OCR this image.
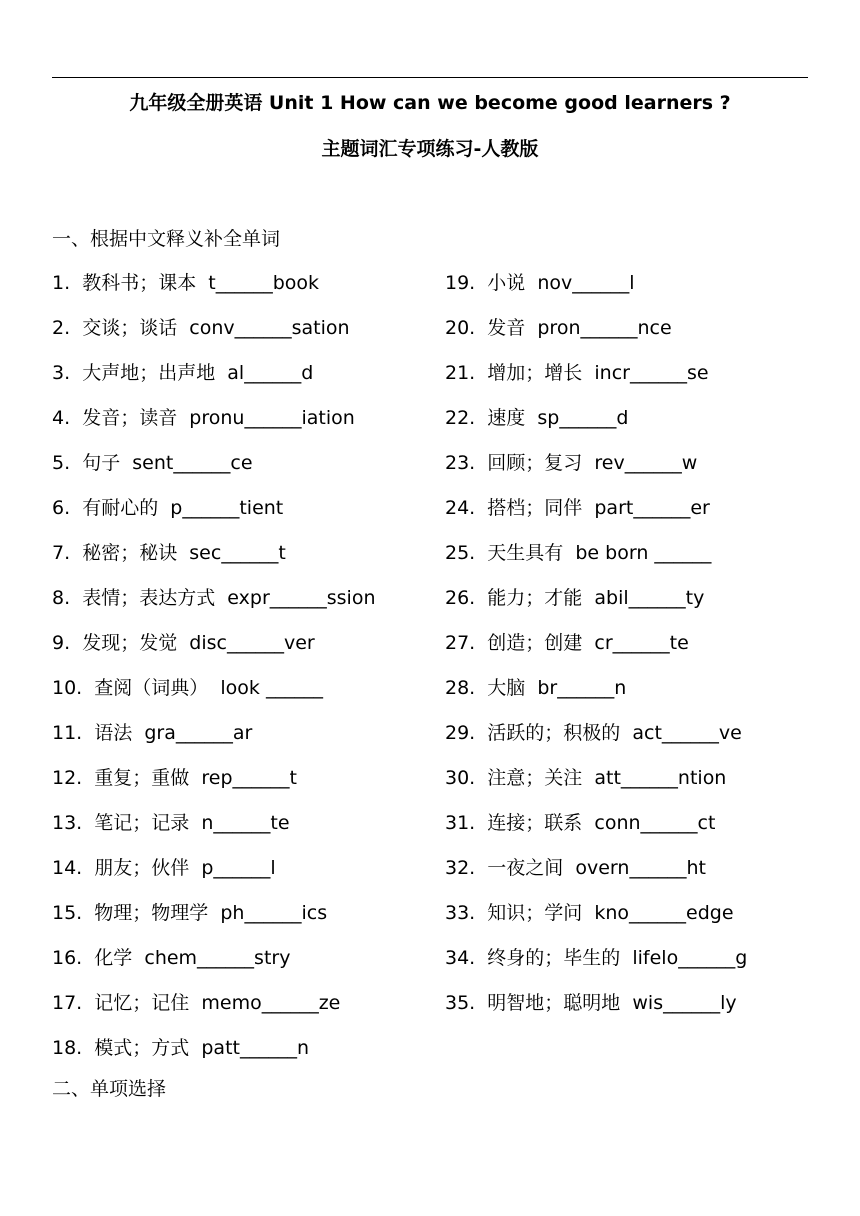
九年级全册英语 Unit 1 How can we become good learners ?
主题词汇专项练习-人教版
一、根据中文释义补全单词
1.  教科书；课本  t______book
2.  交谈；谈话  conv______sation
3.  大声地；出声地  al______d
4.  发音；读音  pronu______iation
5.  句子  sent______ce
6.  有耐心的  p______tient
7.  秘密；秘诀  sec______t
8.  表情；表达方式  expr______ssion
9.  发现；发觉  disc______ver
10.  查阅（词典）  look ______
11.  语法  gra______ar
12.  重复；重做  rep______t
13.  笔记；记录  n______te
14.  朋友；伙伴  p______l
15.  物理；物理学  ph______ics
16.  化学  chem______stry
17.  记忆；记住  memo______ze
18.  模式；方式  patt______n
19.  小说  nov______l
20.  发音  pron______nce
21.  增加；增长  incr______se
22.  速度  sp______d
23.  回顾；复习  rev______w
24.  搭档；同伴  part______er
25.  天生具有  be born ______
26.  能力；才能  abil______ty
27.  创造；创建  cr______te
28.  大脑  br______n
29.  活跃的；积极的  act______ve
30.  注意；关注  att______ntion
31.  连接；联系  conn______ct
32.  一夜之间  overn______ht
33.  知识；学问  kno______edge
34.  终身的；毕生的  lifelo______g
35.  明智地；聪明地  wis______ly
二、单项选择
